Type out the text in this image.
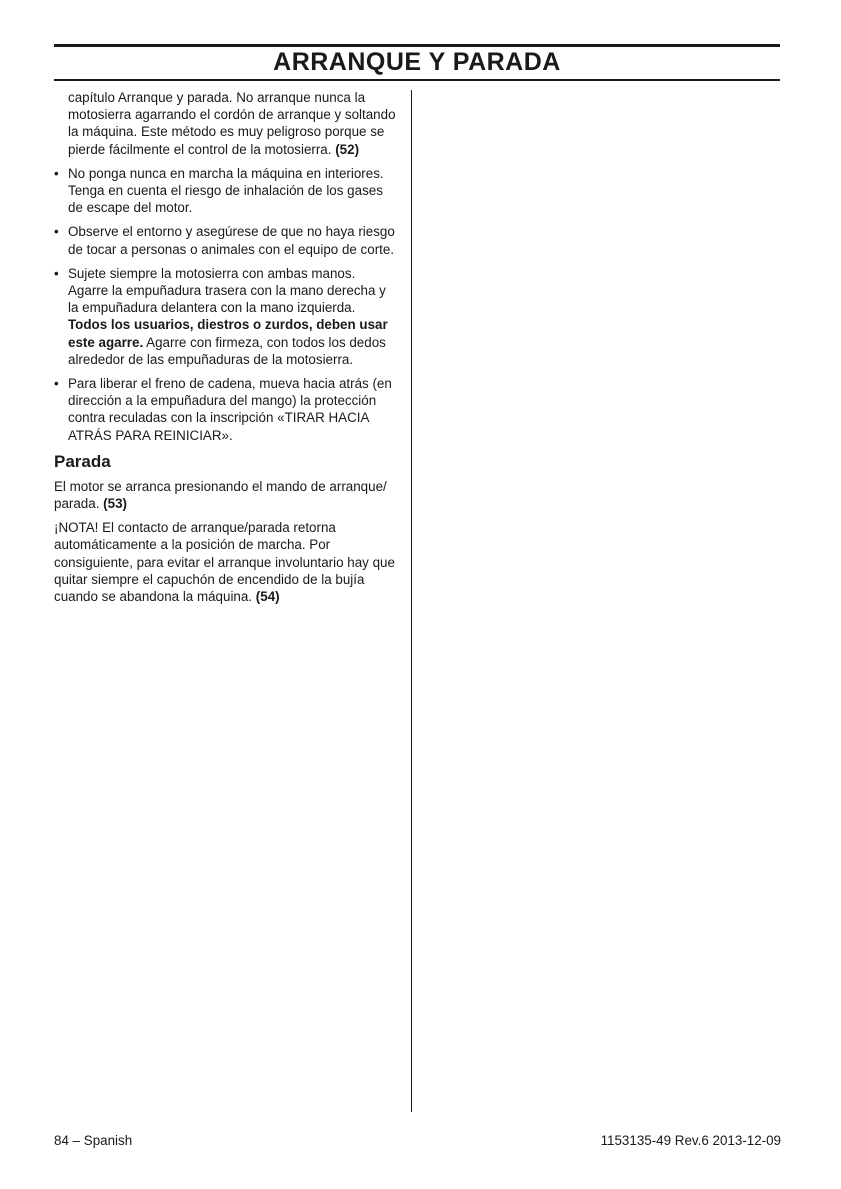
ARRANQUE Y PARADA

capítulo Arranque y parada. No arranque nunca la motosierra agarrando el cordón de arranque y soltando la máquina. Este método es muy peligroso porque se pierde fácilmente el control de la motosierra. (52)

• No ponga nunca en marcha la máquina en interiores. Tenga en cuenta el riesgo de inhalación de los gases de escape del motor.
• Observe el entorno y asegúrese de que no haya riesgo de tocar a personas o animales con el equipo de corte.
• Sujete siempre la motosierra con ambas manos. Agarre la empuñadura trasera con la mano derecha y la empuñadura delantera con la mano izquierda. Todos los usuarios, diestros o zurdos, deben usar este agarre. Agarre con firmeza, con todos los dedos alrededor de las empuñaduras de la motosierra.
• Para liberar el freno de cadena, mueva hacia atrás (en dirección a la empuñadura del mango) la protección contra reculadas con la inscripción «TIRAR HACIA ATRÁS PARA REINICIAR».
Parada

El motor se arranca presionando el mando de arranque/ parada. (53)

¡NOTA! El contacto de arranque/parada retorna automáticamente a la posición de marcha. Por consiguiente, para evitar el arranque involuntario hay que quitar siempre el capuchón de encendido de la bujía cuando se abandona la máquina. (54)

84 – Spanish	1153135-49 Rev.6 2013-12-09
